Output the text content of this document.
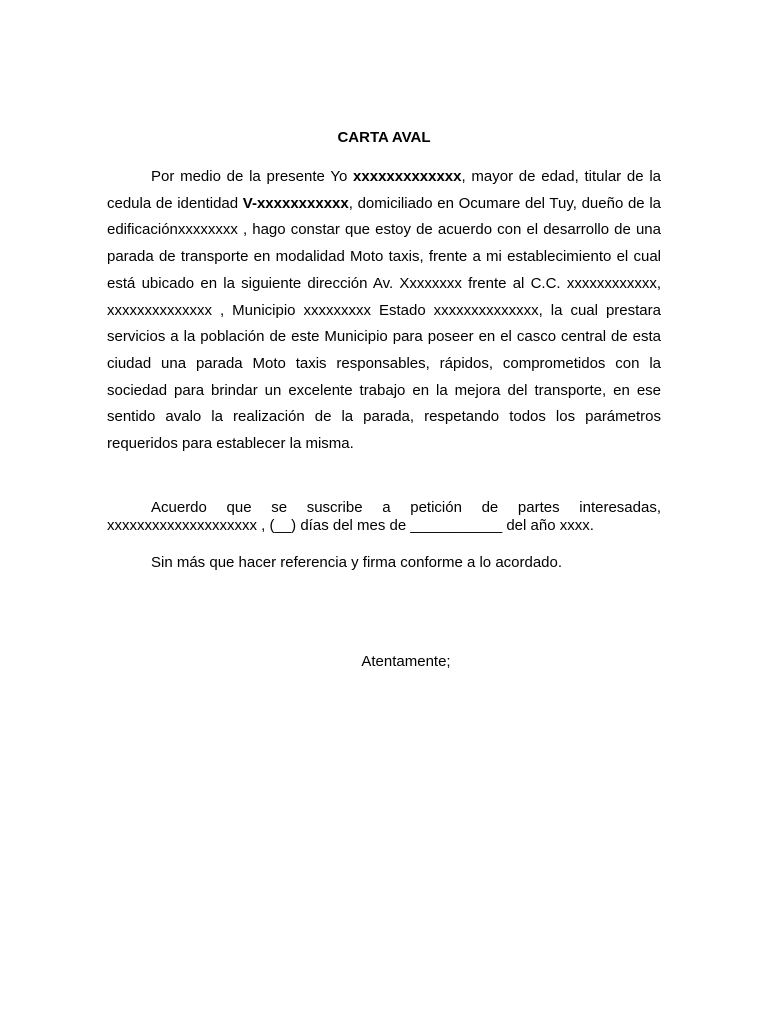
CARTA AVAL

Por medio de la presente Yo xxxxxxxxxxxxx, mayor de edad, titular de la cedula de identidad V-xxxxxxxxxxx, domiciliado en Ocumare del Tuy, dueño de la edificaciónxxxxxxxx , hago constar que estoy de acuerdo con el desarrollo de una parada de transporte en modalidad Moto taxis, frente a mi establecimiento el cual está ubicado en la siguiente dirección Av. Xxxxxxxx frente al C.C. xxxxxxxxxxxx, xxxxxxxxxxxxxx , Municipio xxxxxxxxx Estado xxxxxxxxxxxxxx, la cual prestara servicios a la población de este Municipio para poseer en el casco central de esta ciudad una parada Moto taxis responsables, rápidos, comprometidos con la sociedad para brindar un excelente trabajo en la mejora del transporte, en ese sentido avalo la realización de la parada, respetando todos los parámetros requeridos para establecer la misma.

Acuerdo que se suscribe a petición de partes interesadas, xxxxxxxxxxxxxxxxxxxx , (__) días del mes de ___________ del año xxxx.

Sin más que hacer referencia y firma conforme a lo acordado.

Atentamente;
